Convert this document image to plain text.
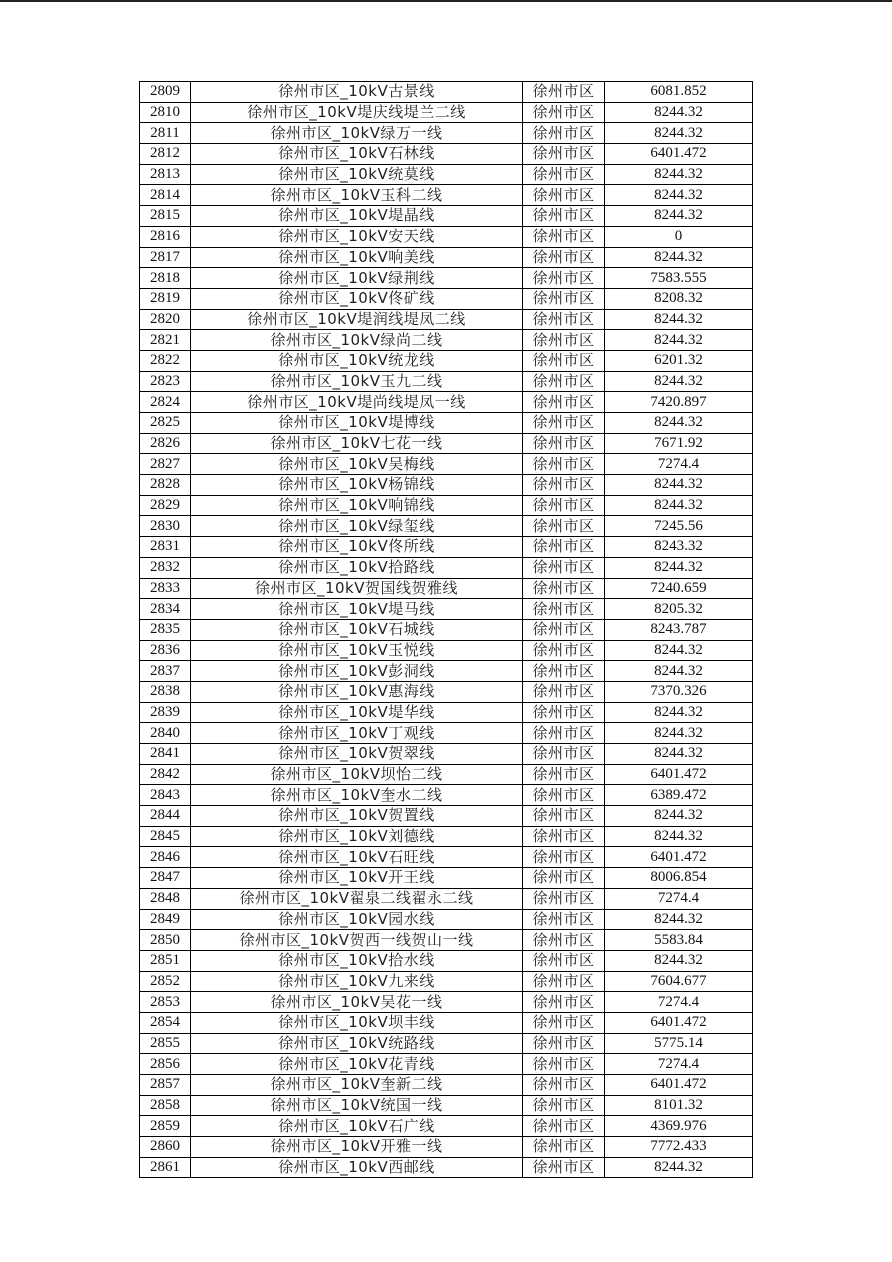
2809	徐州市区_10kV古景线	徐州市区	6081.852
2810	徐州市区_10kV堤庆线堤兰二线	徐州市区	8244.32
2811	徐州市区_10kV绿万一线	徐州市区	8244.32
2812	徐州市区_10kV石林线	徐州市区	6401.472
2813	徐州市区_10kV统莫线	徐州市区	8244.32
2814	徐州市区_10kV玉科二线	徐州市区	8244.32
2815	徐州市区_10kV堤晶线	徐州市区	8244.32
2816	徐州市区_10kV安天线	徐州市区	0
2817	徐州市区_10kV响美线	徐州市区	8244.32
2818	徐州市区_10kV绿荆线	徐州市区	7583.555
2819	徐州市区_10kV佟矿线	徐州市区	8208.32
2820	徐州市区_10kV堤润线堤凤二线	徐州市区	8244.32
2821	徐州市区_10kV绿尚二线	徐州市区	8244.32
2822	徐州市区_10kV统龙线	徐州市区	6201.32
2823	徐州市区_10kV玉九二线	徐州市区	8244.32
2824	徐州市区_10kV堤尚线堤凤一线	徐州市区	7420.897
2825	徐州市区_10kV堤博线	徐州市区	8244.32
2826	徐州市区_10kV七花一线	徐州市区	7671.92
2827	徐州市区_10kV吴梅线	徐州市区	7274.4
2828	徐州市区_10kV杨锦线	徐州市区	8244.32
2829	徐州市区_10kV响锦线	徐州市区	8244.32
2830	徐州市区_10kV绿玺线	徐州市区	7245.56
2831	徐州市区_10kV佟所线	徐州市区	8243.32
2832	徐州市区_10kV拾路线	徐州市区	8244.32
2833	徐州市区_10kV贺国线贺雅线	徐州市区	7240.659
2834	徐州市区_10kV堤马线	徐州市区	8205.32
2835	徐州市区_10kV石城线	徐州市区	8243.787
2836	徐州市区_10kV玉悦线	徐州市区	8244.32
2837	徐州市区_10kV彭洞线	徐州市区	8244.32
2838	徐州市区_10kV惠海线	徐州市区	7370.326
2839	徐州市区_10kV堤华线	徐州市区	8244.32
2840	徐州市区_10kV丁观线	徐州市区	8244.32
2841	徐州市区_10kV贺翠线	徐州市区	8244.32
2842	徐州市区_10kV坝怡二线	徐州市区	6401.472
2843	徐州市区_10kV奎水二线	徐州市区	6389.472
2844	徐州市区_10kV贺置线	徐州市区	8244.32
2845	徐州市区_10kV刘德线	徐州市区	8244.32
2846	徐州市区_10kV石旺线	徐州市区	6401.472
2847	徐州市区_10kV开王线	徐州市区	8006.854
2848	徐州市区_10kV翟泉二线翟永二线	徐州市区	7274.4
2849	徐州市区_10kV园水线	徐州市区	8244.32
2850	徐州市区_10kV贺西一线贺山一线	徐州市区	5583.84
2851	徐州市区_10kV拾水线	徐州市区	8244.32
2852	徐州市区_10kV九来线	徐州市区	7604.677
2853	徐州市区_10kV吴花一线	徐州市区	7274.4
2854	徐州市区_10kV坝丰线	徐州市区	6401.472
2855	徐州市区_10kV统路线	徐州市区	5775.14
2856	徐州市区_10kV花青线	徐州市区	7274.4
2857	徐州市区_10kV奎新二线	徐州市区	6401.472
2858	徐州市区_10kV统国一线	徐州市区	8101.32
2859	徐州市区_10kV石广线	徐州市区	4369.976
2860	徐州市区_10kV开雅一线	徐州市区	7772.433
2861	徐州市区_10kV西邮线	徐州市区	8244.32
